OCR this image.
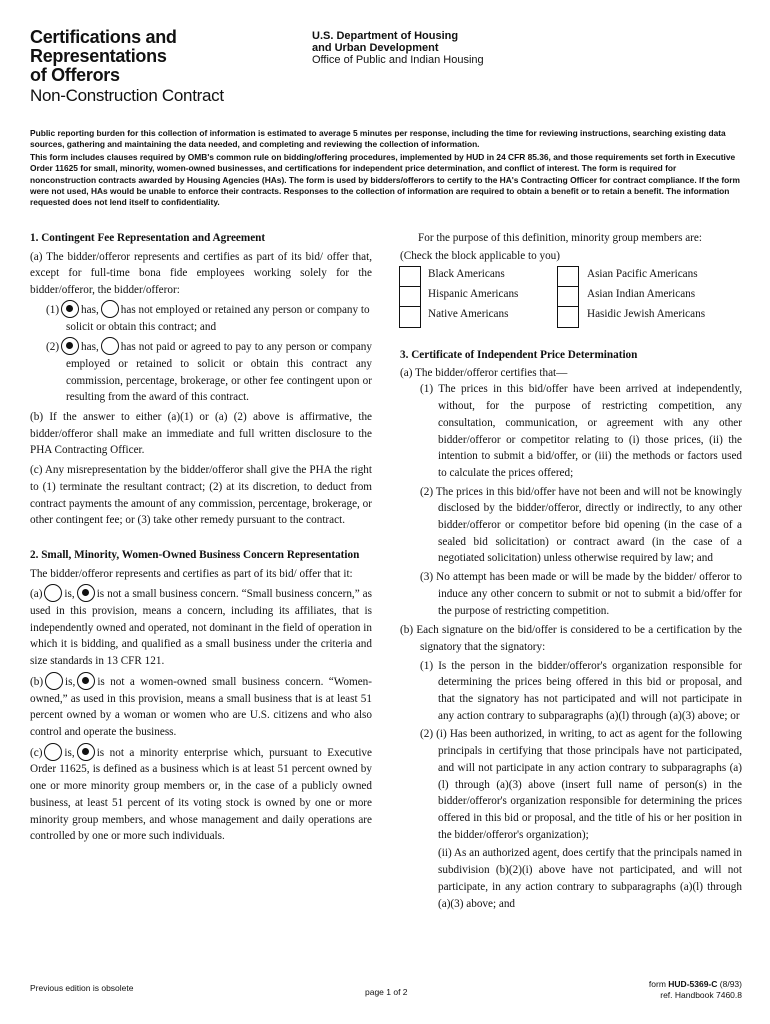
Certifications and
Representations
of Offerors
Non-Construction Contract
U.S. Department of Housing
and Urban Development
Office of Public and Indian Housing

Public reporting burden for this collection of information is estimated to average 5 minutes per response, including the time for reviewing instructions, searching existing data sources, gathering and maintaining the data needed, and completing and reviewing the collection of information.

This form includes clauses required by OMB's common rule on bidding/offering procedures, implemented by HUD in 24 CFR 85.36, and those requirements set forth in Executive Order 11625 for small, minority, women-owned businesses, and certifications for independent price determination, and conflict of interest. The form is required for nonconstruction contracts awarded by Housing Agencies (HAs). The form is used by bidders/offerors to certify to the HA's Contracting Officer for contract compliance. If the form were not used, HAs would be unable to enforce their contracts. Responses to the collection of information are required to obtain a benefit or to retain a benefit. The information requested does not lend itself to confidentiality.

1. Contingent Fee Representation and Agreement

(a) The bidder/offeror represents and certifies as part of its bid/ offer that, except for full-time bona fide employees working solely for the bidder/offeror, the bidder/offeror:

(1) has, has not employed or retained any person or company to solicit or obtain this contract; and

(2) has, has not paid or agreed to pay to any person or company employed or retained to solicit or obtain this contract any commission, percentage, brokerage, or other fee contingent upon or resulting from the award of this contract.

(b) If the answer to either (a)(1) or (a) (2) above is affirmative, the bidder/offeror shall make an immediate and full written disclosure to the PHA Contracting Officer.

(c) Any misrepresentation by the bidder/offeror shall give the PHA the right to (1) terminate the resultant contract; (2) at its discretion, to deduct from contract payments the amount of any commission, percentage, brokerage, or other contingent fee; or (3) take other remedy pursuant to the contract.

2. Small, Minority, Women-Owned Business Concern Representation

The bidder/offeror represents and certifies as part of its bid/ offer that it:

(a) is, is not a small business concern. “Small business concern,” as used in this provision, means a concern, including its affiliates, that is independently owned and operated, not dominant in the field of operation in which it is bidding, and qualified as a small business under the criteria and size standards in 13 CFR 121.

(b) is, is not a women-owned small business concern. “Women-owned,” as used in this provision, means a small business that is at least 51 percent owned by a woman or women who are U.S. citizens and who also control and operate the business.

(c) is, is not a minority enterprise which, pursuant to Executive Order 11625, is defined as a business which is at least 51 percent owned by one or more minority group members or, in the case of a publicly owned business, at least 51 percent of its voting stock is owned by one or more minority group members, and whose management and daily operations are controlled by one or more such individuals.

For the purpose of this definition, minority group members are:
(Check the block applicable to you)
Black Americans
Hispanic Americans
Native Americans
Asian Pacific Americans
Asian Indian Americans
Hasidic Jewish Americans

3. Certificate of Independent Price Determination

(a) The bidder/offeror certifies that—

(1) The prices in this bid/offer have been arrived at independently, without, for the purpose of restricting competition, any consultation, communication, or agreement with any other bidder/offeror or competitor relating to (i) those prices, (ii) the intention to submit a bid/offer, or (iii) the methods or factors used to calculate the prices offered;

(2) The prices in this bid/offer have not been and will not be knowingly disclosed by the bidder/offeror, directly or indirectly, to any other bidder/offeror or competitor before bid opening (in the case of a sealed bid solicitation) or contract award (in the case of a negotiated solicitation) unless otherwise required by law; and

(3) No attempt has been made or will be made by the bidder/ offeror to induce any other concern to submit or not to submit a bid/offer for the purpose of restricting competition.

(b) Each signature on the bid/offer is considered to be a certification by the signatory that the signatory:

(1) Is the person in the bidder/offeror's organization responsible for determining the prices being offered in this bid or proposal, and that the signatory has not participated and will not participate in any action contrary to subparagraphs (a)(l) through (a)(3) above; or

(2) (i) Has been authorized, in writing, to act as agent for the following principals in certifying that those principals have not participated, and will not participate in any action contrary to subparagraphs (a)(l) through (a)(3) above (insert full name of person(s) in the bidder/offeror's organization responsible for determining the prices offered in this bid or proposal, and the title of his or her position in the bidder/offeror's organization);

(ii) As an authorized agent, does certify that the principals named in subdivision (b)(2)(i) above have not participated, and will not participate, in any action contrary to subparagraphs (a)(l) through (a)(3) above; and

Previous edition is obsolete	page 1 of 2
form HUD-5369-C (8/93)
ref. Handbook 7460.8
